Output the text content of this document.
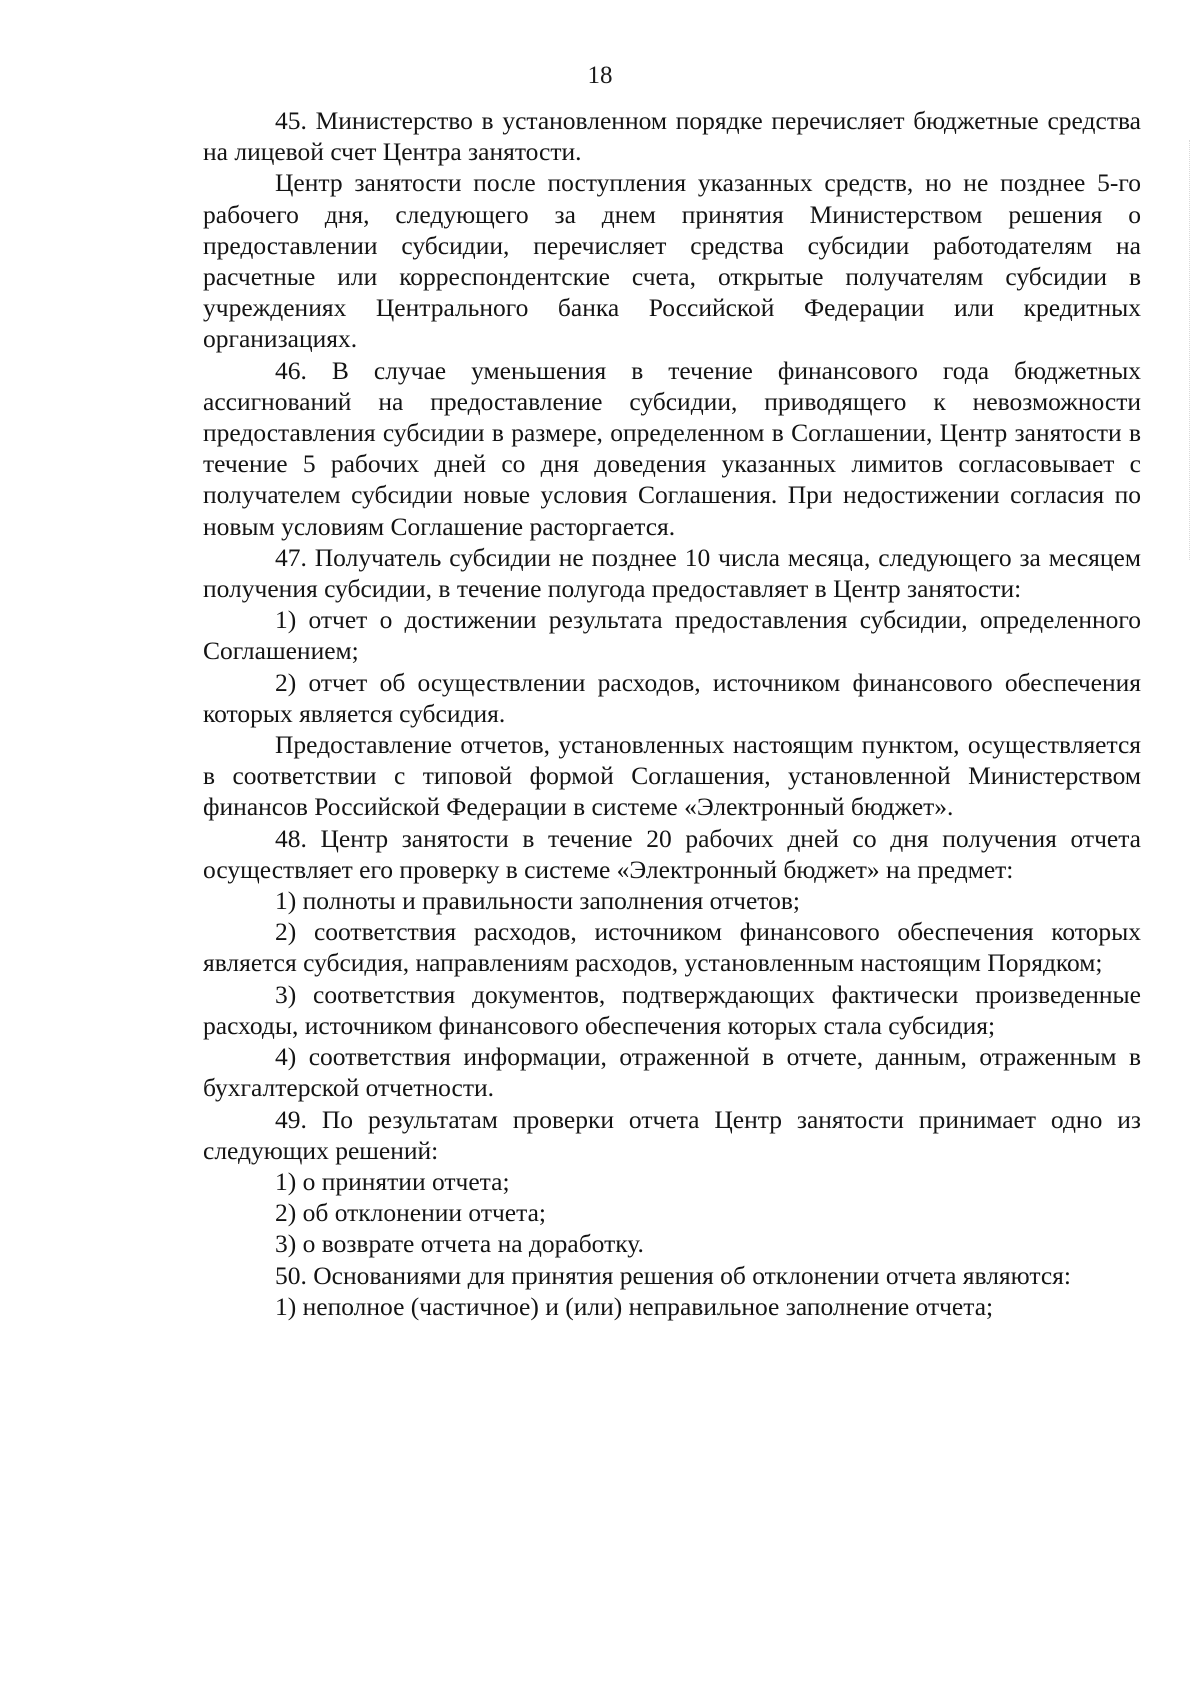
18

45. Министерство в установленном порядке перечисляет бюджетные средства на лицевой счет Центра занятости.

Центр занятости после поступления указанных средств, но не позднее 5-го рабочего дня, следующего за днем принятия Министерством решения о предоставлении субсидии, перечисляет средства субсидии работодателям на расчетные или корреспондентские счета, открытые получателям субсидии в учреждениях Центрального банка Российской Федерации или кредитных организациях.

46. В случае уменьшения в течение финансового года бюджетных ассигнований на предоставление субсидии, приводящего к невозможности предоставления субсидии в размере, определенном в Соглашении, Центр занятости в течение 5 рабочих дней со дня доведения указанных лимитов согласовывает с получателем субсидии новые условия Соглашения. При недостижении согласия по новым условиям Соглашение расторгается.

47. Получатель субсидии не позднее 10 числа месяца, следующего за месяцем получения субсидии, в течение полугода предоставляет в Центр занятости:

1) отчет о достижении результата предоставления субсидии, определенного Соглашением;

2) отчет об осуществлении расходов, источником финансового обеспечения которых является субсидия.

Предоставление отчетов, установленных настоящим пунктом, осуществляется в соответствии с типовой формой Соглашения, установленной Министерством финансов Российской Федерации в системе «Электронный бюджет».

48. Центр занятости в течение 20 рабочих дней со дня получения отчета осуществляет его проверку в системе «Электронный бюджет» на предмет:

1) полноты и правильности заполнения отчетов;

2) соответствия расходов, источником финансового обеспечения которых является субсидия, направлениям расходов, установленным настоящим Порядком;

3) соответствия документов, подтверждающих фактически произведенные расходы, источником финансового обеспечения которых стала субсидия;

4) соответствия информации, отраженной в отчете, данным, отраженным в бухгалтерской отчетности.

49. По результатам проверки отчета Центр занятости принимает одно из следующих решений:

1) о принятии отчета;

2) об отклонении отчета;

3) о возврате отчета на доработку.

50. Основаниями для принятия решения об отклонении отчета являются:

1) неполное (частичное) и (или) неправильное заполнение отчета;
